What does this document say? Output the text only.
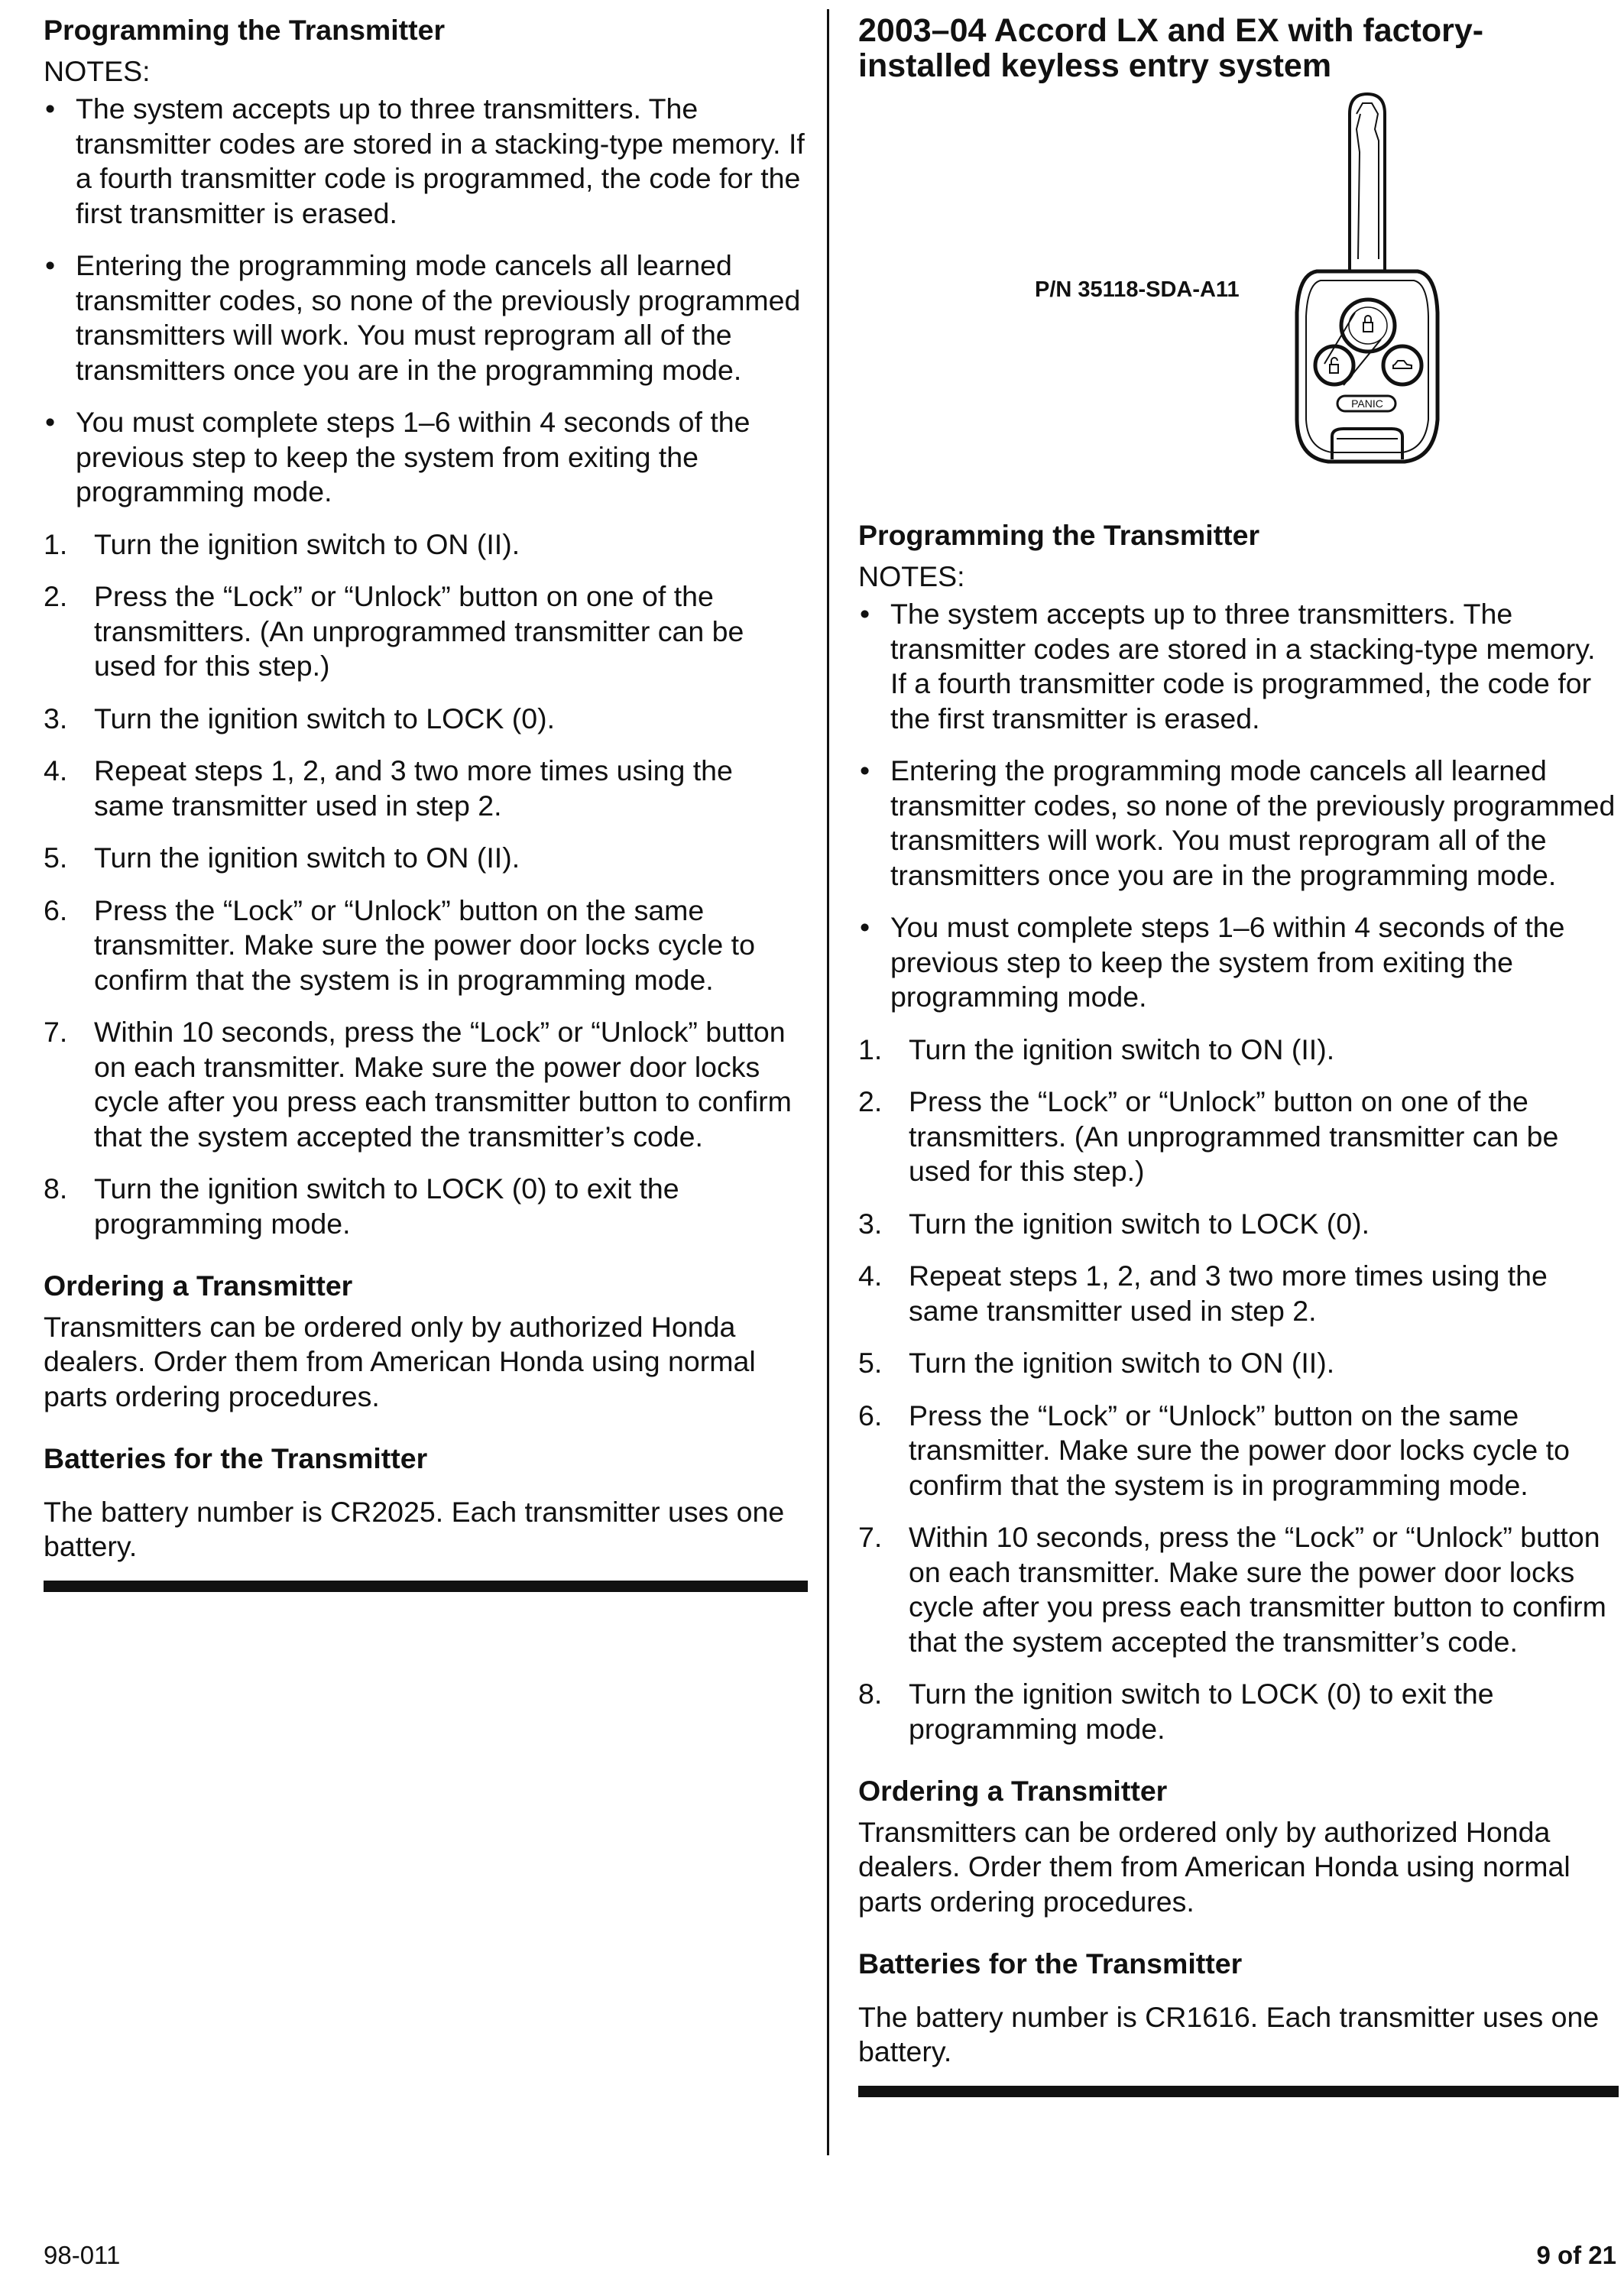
Programming the Transmitter

NOTES:

• The system accepts up to three transmitters. The transmitter codes are stored in a stacking-type memory. If a fourth transmitter code is programmed, the code for the first transmitter is erased.
• Entering the programming mode cancels all learned transmitter codes, so none of the previously programmed transmitters will work. You must reprogram all of the transmitters once you are in the programming mode.
• You must complete steps 1–6 within 4 seconds of the previous step to keep the system from exiting the programming mode.
1. Turn the ignition switch to ON (II).
2. Press the “Lock” or “Unlock” button on one of the transmitters. (An unprogrammed transmitter can be used for this step.)
3. Turn the ignition switch to LOCK (0).
4. Repeat steps 1, 2, and 3 two more times using the same transmitter used in step 2.
5. Turn the ignition switch to ON (II).
6. Press the “Lock” or “Unlock” button on the same transmitter. Make sure the power door locks cycle to confirm that the system is in programming mode.
7. Within 10 seconds, press the “Lock” or “Unlock” button on each transmitter. Make sure the power door locks cycle after you press each transmitter button to confirm that the system accepted the transmitter’s code.
8. Turn the ignition switch to LOCK (0) to exit the programming mode.
Ordering a Transmitter

Transmitters can be ordered only by authorized Honda dealers. Order them from American Honda using normal parts ordering procedures.

Batteries for the Transmitter

The battery number is CR2025. Each transmitter uses one battery.

2003–04 Accord LX and EX with factory-
installed keyless entry system
P/N 35118-SDA-A11
PANIC
Programming the Transmitter

NOTES:

• The system accepts up to three transmitters. The transmitter codes are stored in a stacking-type memory. If a fourth transmitter code is programmed, the code for the first transmitter is erased.
• Entering the programming mode cancels all learned transmitter codes, so none of the previously programmed transmitters will work. You must reprogram all of the transmitters once you are in the programming mode.
• You must complete steps 1–6 within 4 seconds of the previous step to keep the system from exiting the programming mode.
1. Turn the ignition switch to ON (II).
2. Press the “Lock” or “Unlock” button on one of the transmitters. (An unprogrammed transmitter can be used for this step.)
3. Turn the ignition switch to LOCK (0).
4. Repeat steps 1, 2, and 3 two more times using the same transmitter used in step 2.
5. Turn the ignition switch to ON (II).
6. Press the “Lock” or “Unlock” button on the same transmitter. Make sure the power door locks cycle to confirm that the system is in programming mode.
7. Within 10 seconds, press the “Lock” or “Unlock” button on each transmitter. Make sure the power door locks cycle after you press each transmitter button to confirm that the system accepted the transmitter’s code.
8. Turn the ignition switch to LOCK (0) to exit the programming mode.
Ordering a Transmitter

Transmitters can be ordered only by authorized Honda dealers. Order them from American Honda using normal parts ordering procedures.

Batteries for the Transmitter

The battery number is CR1616. Each transmitter uses one battery.

98-011	9 of 21
